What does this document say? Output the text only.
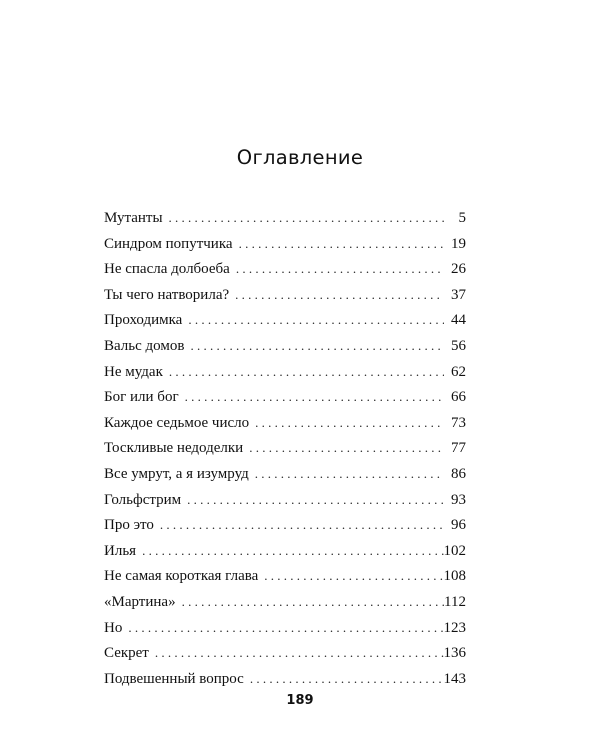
Оглавление
Мутанты . . .	5
Синдром попутчика . . .	19
Не спасла долбоеба . . .	26
Ты чего натворила? . . .	37
Проходимка . . .	44
Вальс домов . . .	56
Не мудак . . .	62
Бог или бог . . .	66
Каждое седьмое число . . .	73
Тоскливые недоделки . . .	77
Все умрут, а я изумруд . . .	86
Гольфстрим . . .	93
Про это . . .	96
Илья . . .	102
Не самая короткая глава . . .	108
«Мартина» . . .	112
Но . . .	123
Секрет . . .	136
Подвешенный вопрос . . .	143
189
